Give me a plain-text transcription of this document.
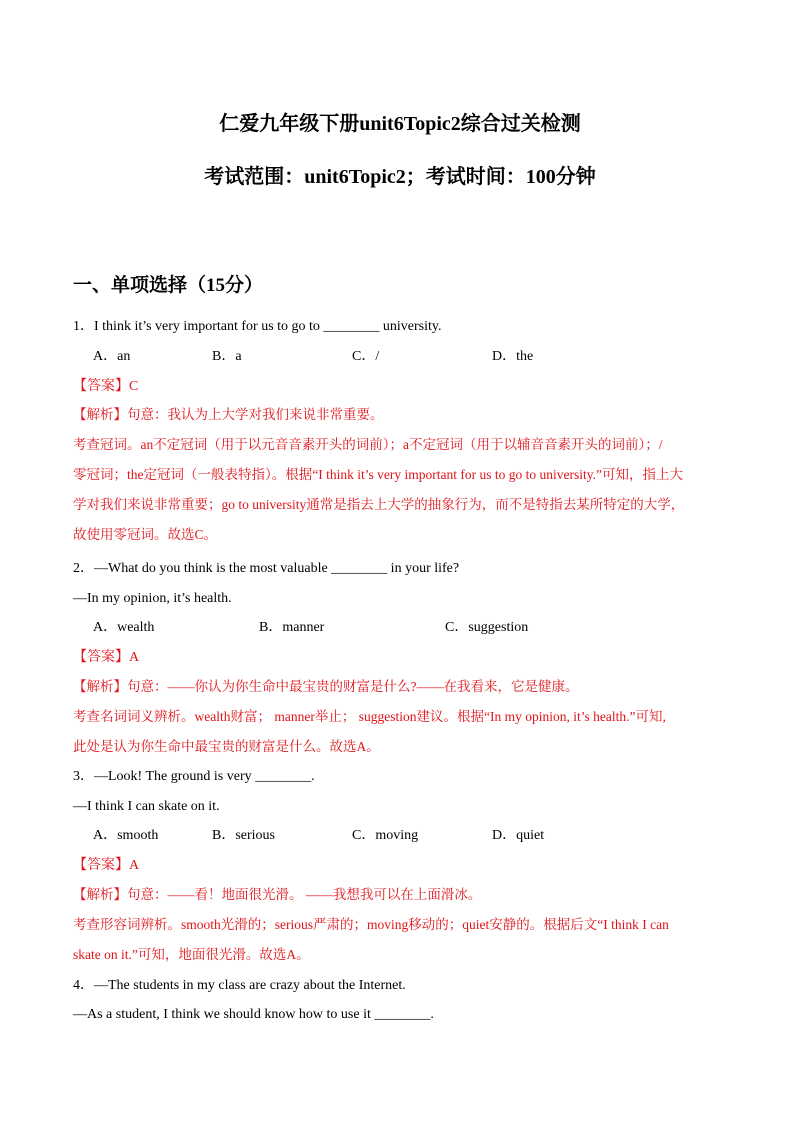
仁爱九年级下册unit6Topic2综合过关检测
考试范围：unit6Topic2；考试时间：100分钟
一、单项选择（15分）
1．I think it’s very important for us to go to ________ university.
A．an	B．a	C．/	D．the
【答案】C
【解析】句意：我认为上大学对我们来说非常重要。
考查冠词。an不定冠词（用于以元音音素开头的词前）；a不定冠词（用于以辅音音素开头的词前）；/
零冠词；the定冠词（一般表特指）。根据“I think it’s very important for us to go to university.”可知，指上大
学对我们来说非常重要；go to university通常是指去上大学的抽象行为，而不是特指去某所特定的大学，
故使用零冠词。故选C。
2．—What do you think is the most valuable ________ in your life?
—In my opinion, it’s health.
A．wealth	B．manner	C．suggestion
【答案】A
【解析】句意：——你认为你生命中最宝贵的财富是什么?——在我看来，它是健康。
考查名词词义辨析。wealth财富； manner举止； suggestion建议。根据“In my opinion, it’s health.”可知,
此处是认为你生命中最宝贵的财富是什么。故选A。
3．—Look! The ground is very ________.
—I think I can skate on it.
A．smooth	B．serious	C．moving	D．quiet
【答案】A
【解析】句意：——看！地面很光滑。 ——我想我可以在上面滑冰。
考查形容词辨析。smooth光滑的；serious严肃的；moving移动的；quiet安静的。根据后文“I think I can
skate on it.”可知，地面很光滑。故选A。
4．—The students in my class are crazy about the Internet.
—As a student, I think we should know how to use it ________.
